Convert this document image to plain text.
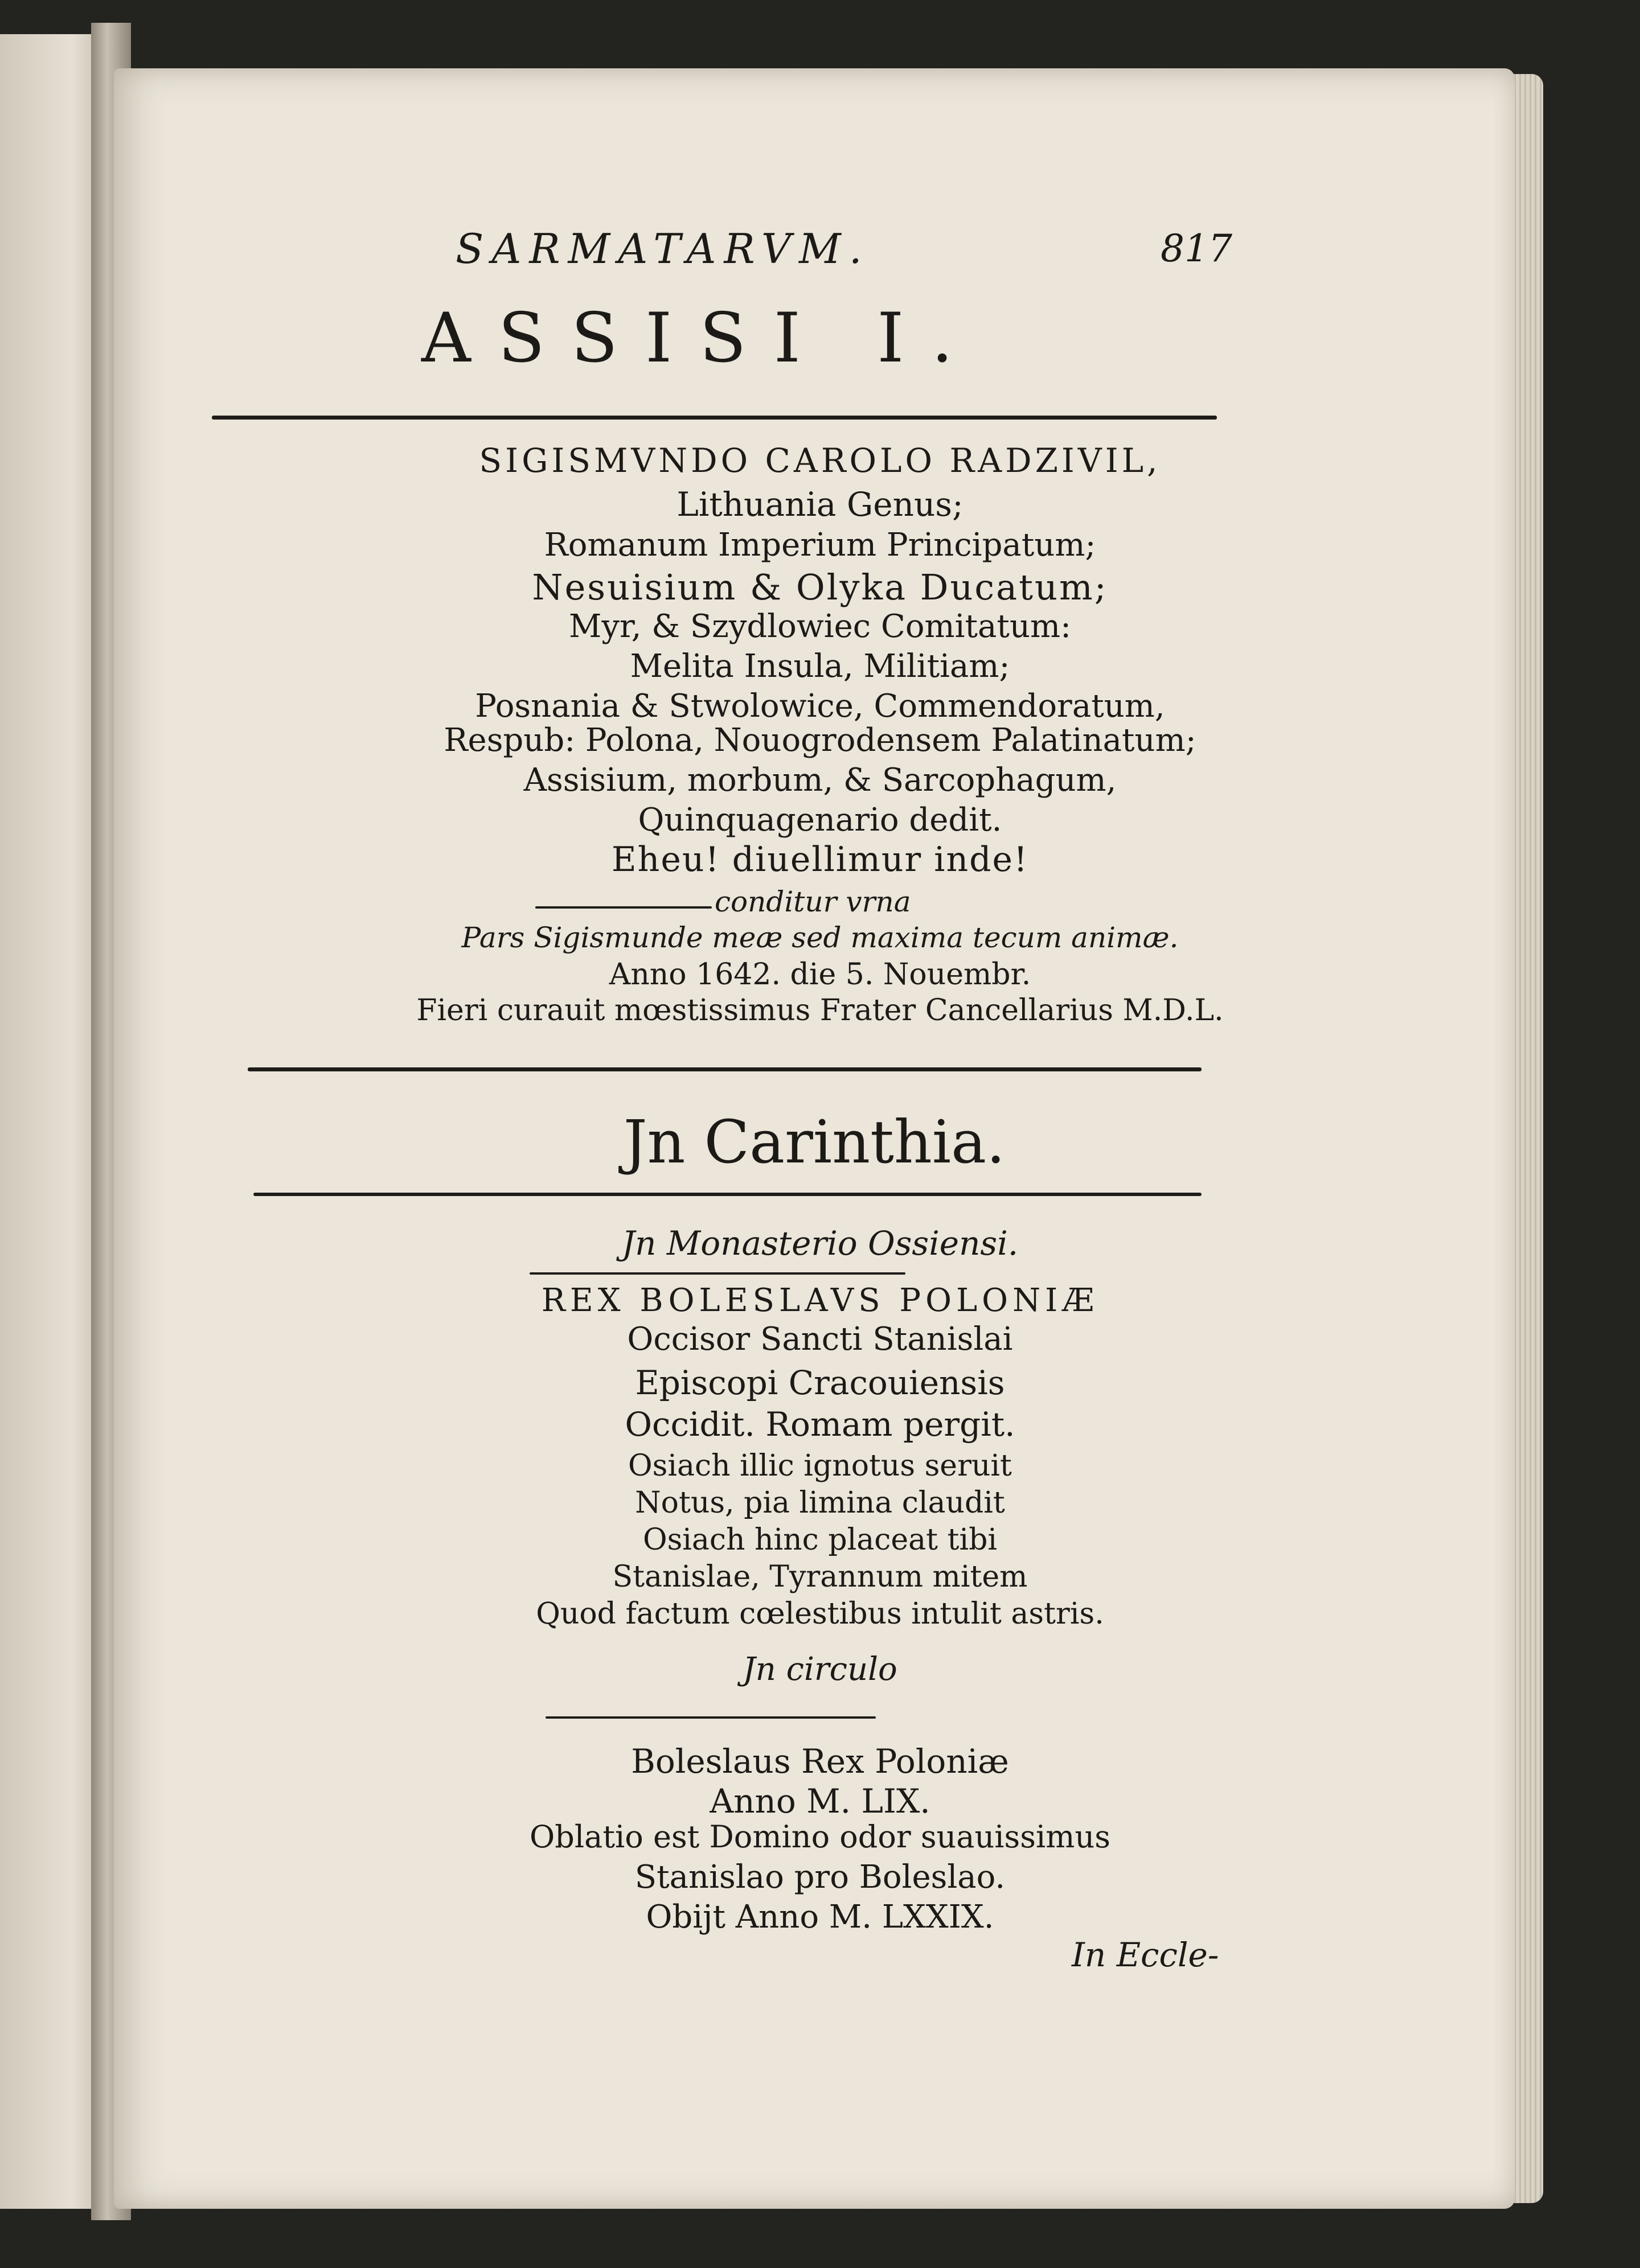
SARMATARVM.	817
ASSISI I.
SIGISMVNDO CAROLO RADZIVIL,
Lithuania Genus;
Romanum Imperium Principatum;
Nesuisium & Olyka Ducatum;
Myr, & Szydlowiec Comitatum:
Melita Insula, Militiam;
Posnania & Stwolowice, Commendoratum,
Respub: Polona, Nouogrodensem Palatinatum;
Assisium, morbum, & Sarcophagum,
Quinquagenario dedit.
Eheu! diuellimur inde!
conditur vrna
Pars Sigismunde meæ sed maxima tecum animæ.
Anno 1642. die 5. Nouembr.
Fieri curauit mœstissimus Frater Cancellarius M.D.L.
Jn Carinthia.
Jn Monasterio Ossiensi.
REX BOLESLAVS POLONIÆ
Occisor Sancti Stanislai
Episcopi Cracouiensis
Occidit. Romam pergit.
Osiach illic ignotus seruit
Notus, pia limina claudit
Osiach hinc placeat tibi
Stanislae, Tyrannum mitem
Quod factum cœlestibus intulit astris.
Jn circulo
Boleslaus Rex Poloniæ
Anno M. LIX.
Oblatio est Domino odor suauissimus
Stanislao pro Boleslao.
Obijt Anno M. LXXIX.
In Eccle-
